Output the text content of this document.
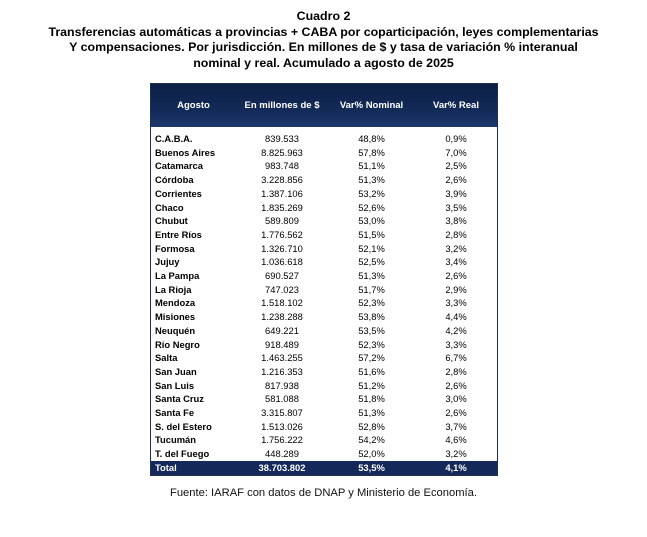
Cuadro 2
Transferencias automáticas a provincias + CABA por coparticipación, leyes complementarias
Y compensaciones. Por jurisdicción. En millones de $ y tasa de variación % interanual
nominal y real. Acumulado a agosto de 2025
Agosto	En millones de $	Var% Nominal	Var% Real

C.A.B.A.	839.533	48,8%	0,9%
Buenos Aires	8.825.963	57,8%	7,0%
Catamarca	983.748	51,1%	2,5%
Córdoba	3.228.856	51,3%	2,6%
Corrientes	1.387.106	53,2%	3,9%
Chaco	1.835.269	52,6%	3,5%
Chubut	589.809	53,0%	3,8%
Entre Ríos	1.776.562	51,5%	2,8%
Formosa	1.326.710	52,1%	3,2%
Jujuy	1.036.618	52,5%	3,4%
La Pampa	690.527	51,3%	2,6%
La Rioja	747.023	51,7%	2,9%
Mendoza	1.518.102	52,3%	3,3%
Misiones	1.238.288	53,8%	4,4%
Neuquén	649.221	53,5%	4,2%
Río Negro	918.489	52,3%	3,3%
Salta	1.463.255	57,2%	6,7%
San Juan	1.216.353	51,6%	2,8%
San Luis	817.938	51,2%	2,6%
Santa Cruz	581.088	51,8%	3,0%
Santa Fe	3.315.807	51,3%	2,6%
S. del Estero	1.513.026	52,8%	3,7%
Tucumán	1.756.222	54,2%	4,6%
T. del Fuego	448.289	52,0%	3,2%
Total	38.703.802	53,5%	4,1%
Fuente: IARAF con datos de DNAP y Ministerio de Economía.
